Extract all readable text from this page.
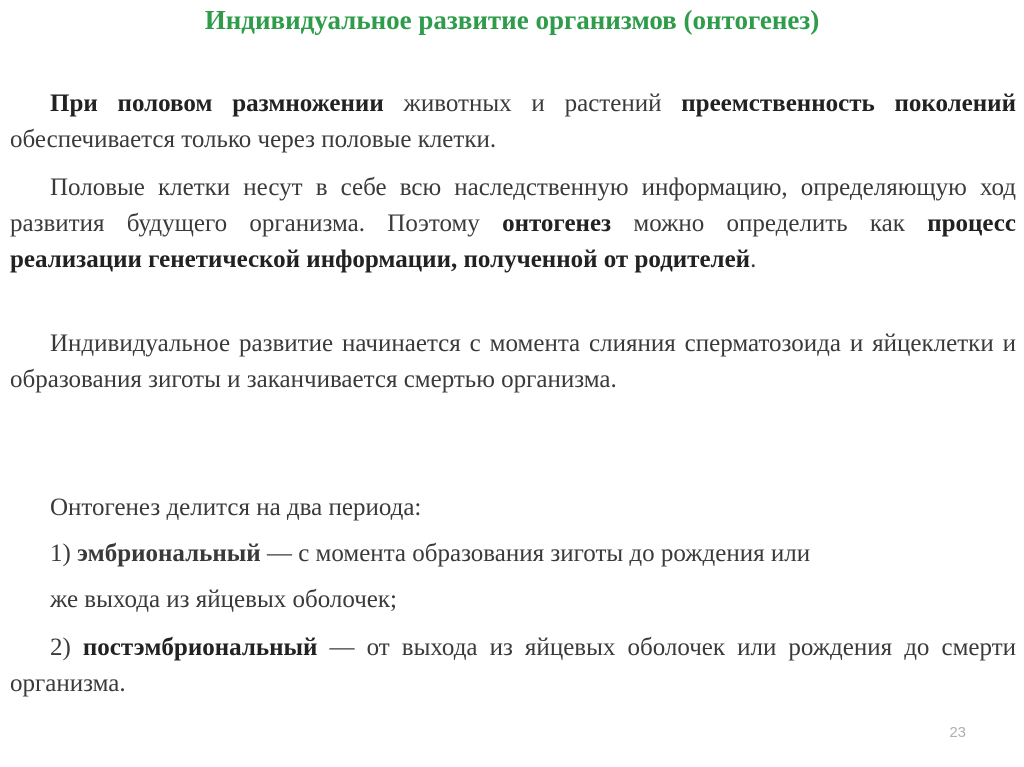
Индивидуальное развитие организмов (онтогенез)

При половом размножении животных и растений преемственность поколений обеспечивается только через половые клетки.

Половые клетки несут в себе всю наследственную информацию, определяющую ход развития будущего организма. Поэтому онтогенез можно определить как процесс реализации генетической информации, полученной от родителей.

Индивидуальное развитие начинается с момента слияния сперматозоида и яйцеклетки и образования зиготы и заканчивается смертью организма.

Онтогенез делится на два периода:
1) эмбриональный — с момента образования зиготы до рождения или
же выхода из яйцевых оболочек;

2) постэмбриональный — от выхода из яйцевых оболочек или рождения до смерти организма.

23
